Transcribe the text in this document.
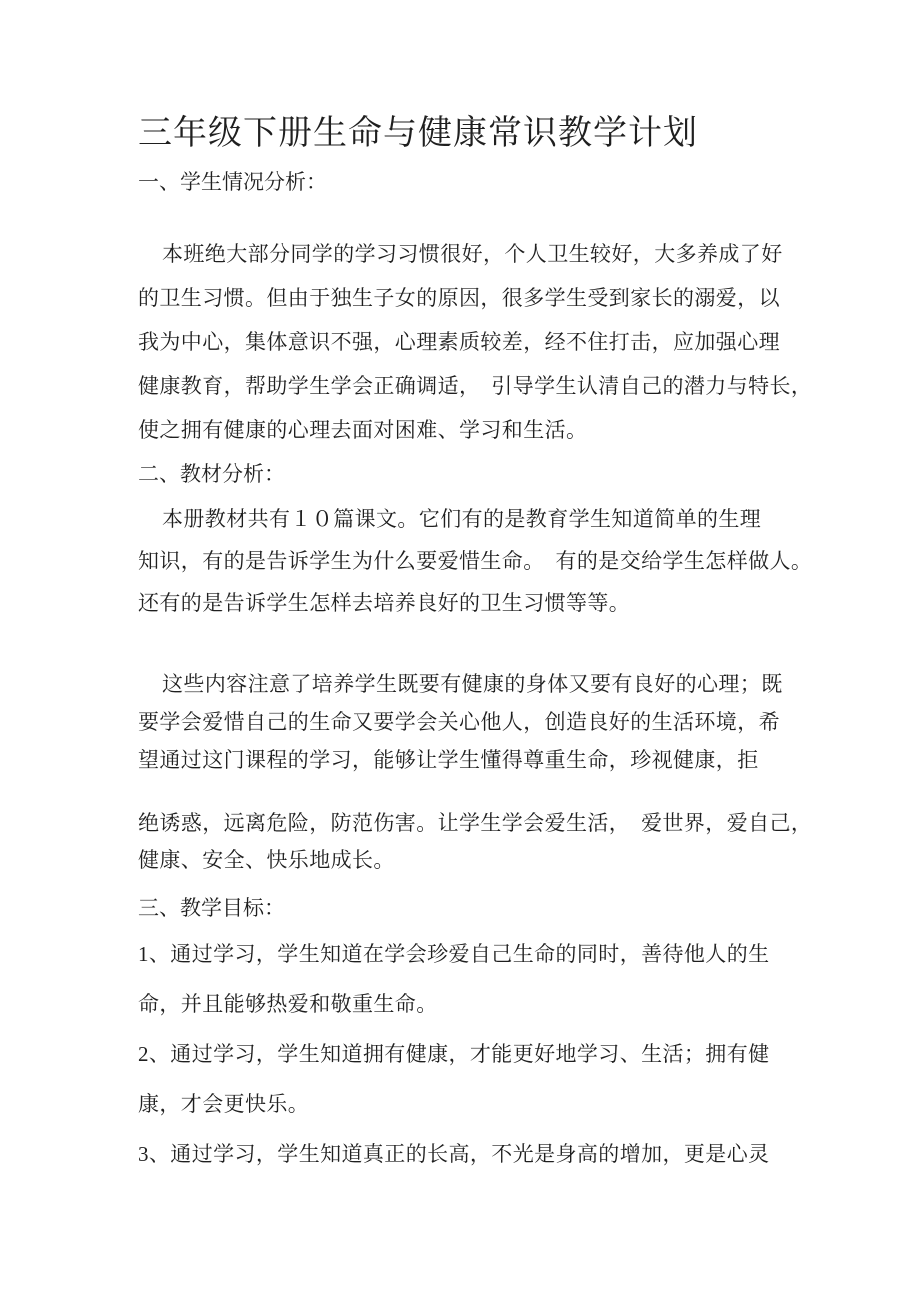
三年级下册生命与健康常识教学计划
一、学生情况分析：
本班绝大部分同学的学习习惯很好，个人卫生较好，大多养成了好
的卫生习惯。但由于独生子女的原因，很多学生受到家长的溺爱，以
我为中心，集体意识不强，心理素质较差，经不住打击，应加强心理
健康教育，帮助学生学会正确调适，　引导学生认清自己的潜力与特长，
使之拥有健康的心理去面对困难、学习和生活。
二、教材分析：
本册教材共有１０篇课文。它们有的是教育学生知道简单的生理
知识，有的是告诉学生为什么要爱惜生命。　有的是交给学生怎样做人。
还有的是告诉学生怎样去培养良好的卫生习惯等等。
这些内容注意了培养学生既要有健康的身体又要有良好的心理；既
要学会爱惜自己的生命又要学会关心他人，创造良好的生活环境，希
望通过这门课程的学习，能够让学生懂得尊重生命，珍视健康，拒
绝诱惑，远离危险，防范伤害。让学生学会爱生活，　爱世界，爱自己，
健康、安全、快乐地成长。
三、教学目标：
1、通过学习，学生知道在学会珍爱自己生命的同时，善待他人的生
命，并且能够热爱和敬重生命。
2、通过学习，学生知道拥有健康，才能更好地学习、生活；拥有健
康，才会更快乐。
3、通过学习，学生知道真正的长高，不光是身高的增加，更是心灵
